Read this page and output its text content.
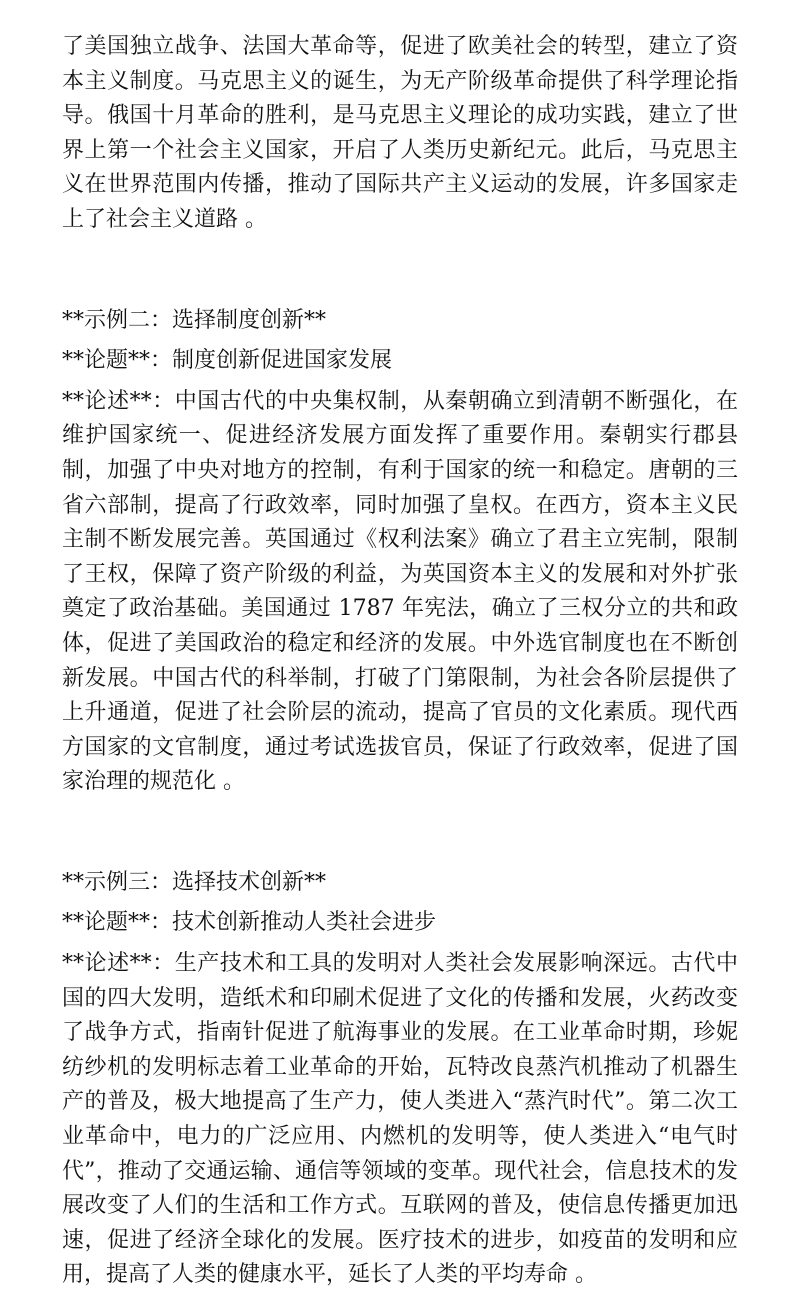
了美国独立战争、法国大革命等，促进了欧美社会的转型，建立了资本主义制度。马克思主义的诞生，为无产阶级革命提供了科学理论指导。俄国十月革命的胜利，是马克思主义理论的成功实践，建立了世界上第一个社会主义国家，开启了人类历史新纪元。此后，马克思主义在世界范围内传播，推动了国际共产主义运动的发展，许多国家走上了社会主义道路 。

**示例二：选择制度创新**

**论题**：制度创新促进国家发展

**论述**：中国古代的中央集权制，从秦朝确立到清朝不断强化，在维护国家统一、促进经济发展方面发挥了重要作用。秦朝实行郡县制，加强了中央对地方的控制，有利于国家的统一和稳定。唐朝的三省六部制，提高了行政效率，同时加强了皇权。在西方，资本主义民主制不断发展完善。英国通过《权利法案》确立了君主立宪制，限制了王权，保障了资产阶级的利益，为英国资本主义的发展和对外扩张奠定了政治基础。美国通过 1787 年宪法，确立了三权分立的共和政体，促进了美国政治的稳定和经济的发展。中外选官制度也在不断创新发展。中国古代的科举制，打破了门第限制，为社会各阶层提供了上升通道，促进了社会阶层的流动，提高了官员的文化素质。现代西方国家的文官制度，通过考试选拔官员，保证了行政效率，促进了国家治理的规范化 。

**示例三：选择技术创新**

**论题**：技术创新推动人类社会进步

**论述**：生产技术和工具的发明对人类社会发展影响深远。古代中国的四大发明，造纸术和印刷术促进了文化的传播和发展，火药改变了战争方式，指南针促进了航海事业的发展。在工业革命时期，珍妮纺纱机的发明标志着工业革命的开始，瓦特改良蒸汽机推动了机器生产的普及，极大地提高了生产力，使人类进入“蒸汽时代”。第二次工业革命中，电力的广泛应用、内燃机的发明等，使人类进入“电气时代”，推动了交通运输、通信等领域的变革。现代社会，信息技术的发展改变了人们的生活和工作方式。互联网的普及，使信息传播更加迅速，促进了经济全球化的发展。医疗技术的进步，如疫苗的发明和应用，提高了人类的健康水平，延长了人类的平均寿命 。
